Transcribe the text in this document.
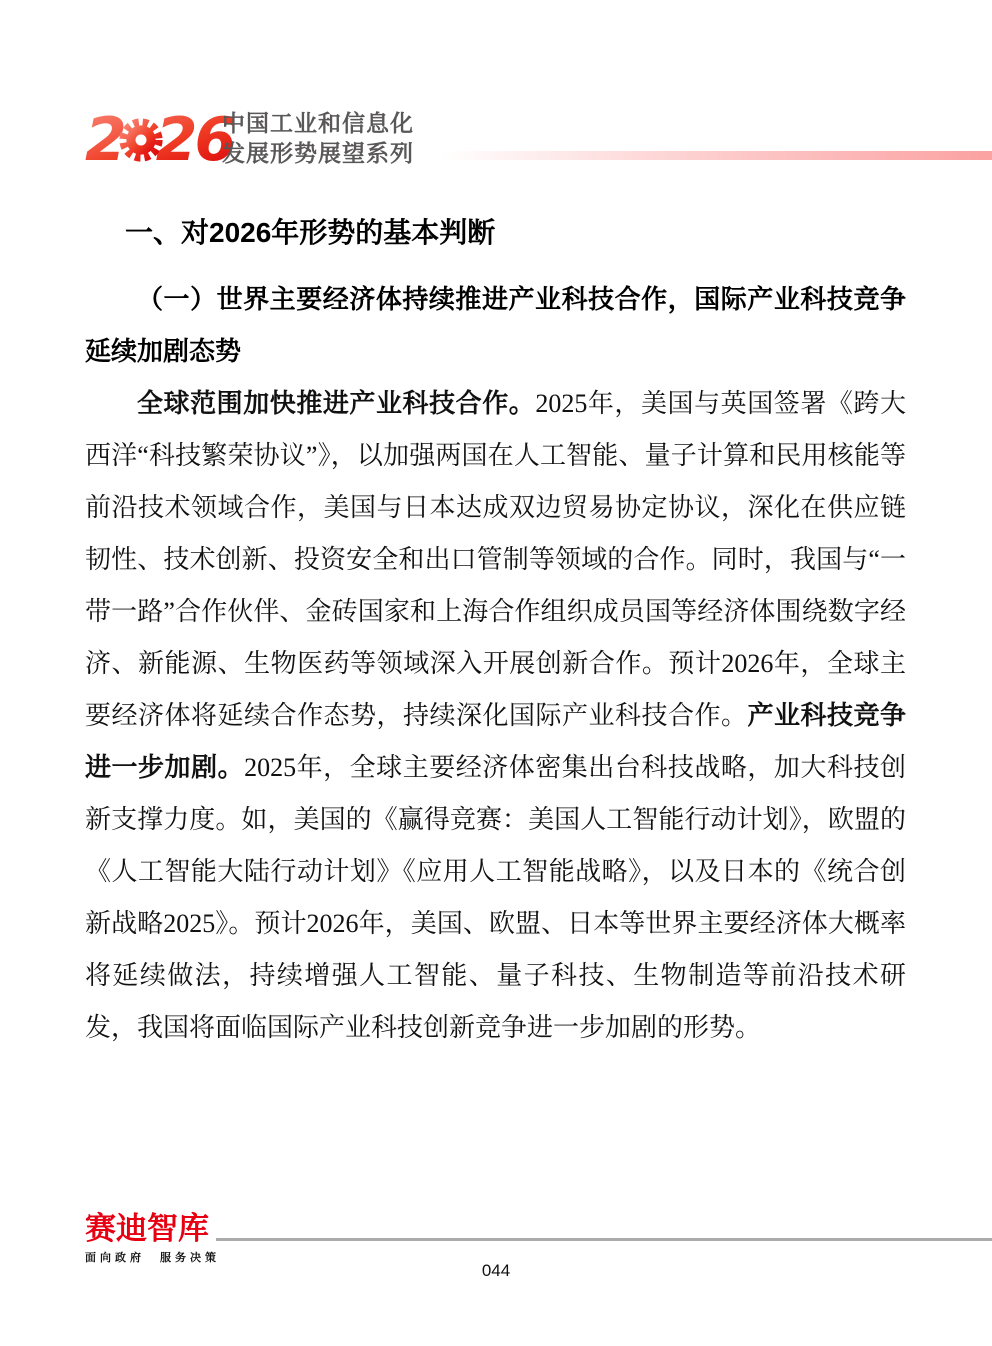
2 26
中国工业和信息化
发展形势展望系列
一、对2026年形势的基本判断

（一）世界主要经济体持续推进产业科技合作，国际产业科技竞争延续加剧态势

全球范围加快推进产业科技合作。2025年，美国与英国签署《跨大西洋“科技繁荣协议”》，以加强两国在人工智能、量子计算和民用核能等前沿技术领域合作，美国与日本达成双边贸易协定协议，深化在供应链韧性、技术创新、投资安全和出口管制等领域的合作。同时，我国与“一带一路”合作伙伴、金砖国家和上海合作组织成员国等经济体围绕数字经济、新能源、生物医药等领域深入开展创新合作。预计2026年，全球主要经济体将延续合作态势，持续深化国际产业科技合作。产业科技竞争进一步加剧。2025年，全球主要经济体密集出台科技战略，加大科技创新支撑力度。如，美国的《赢得竞赛：美国人工智能行动计划》，欧盟的《人工智能大陆行动计划》《应用人工智能战略》，以及日本的《统合创新战略2025》。预计2026年，美国、欧盟、日本等世界主要经济体大概率将延续做法，持续增强人工智能、量子科技、生物制造等前沿技术研发，我国将面临国际产业科技创新竞争进一步加剧的形势。

赛迪智库
面向政府　服务决策
044
